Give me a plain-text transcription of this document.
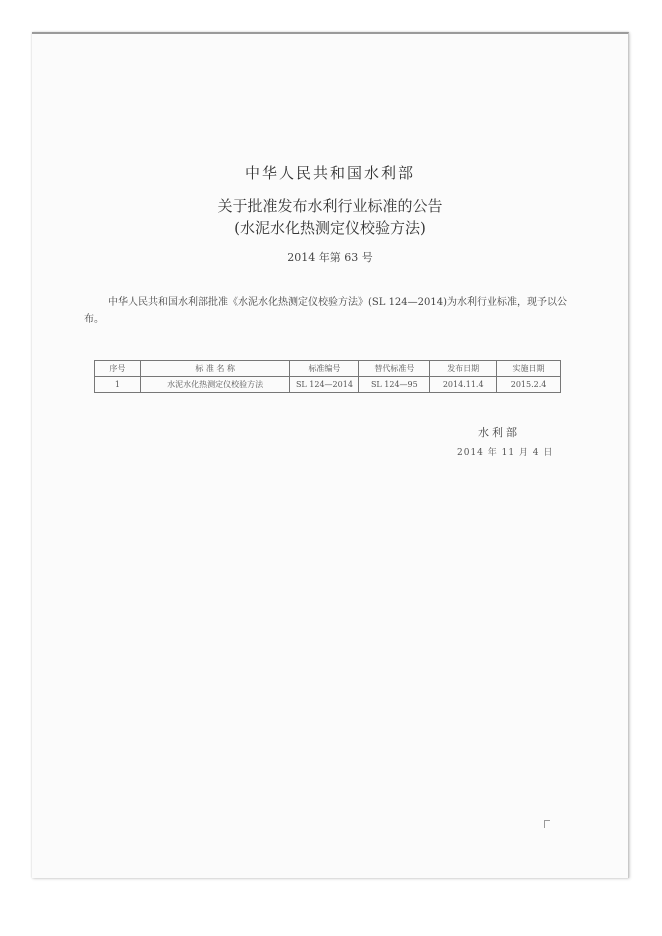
中华人民共和国水利部
关于批准发布水利行业标准的公告
(水泥水化热测定仪校验方法)
2014 年第 63 号
中华人民共和国水利部批准《水泥水化热测定仪校验方法》(SL 124—2014)为水利行业标准，现予以公布。
序号	标 准 名 称	标准编号	替代标准号	发布日期	实施日期
1	水泥水化热测定仪校验方法	SL 124—2014	SL 124—95	2014.11.4	2015.2.4
水利部
2014 年 11 月 4 日
